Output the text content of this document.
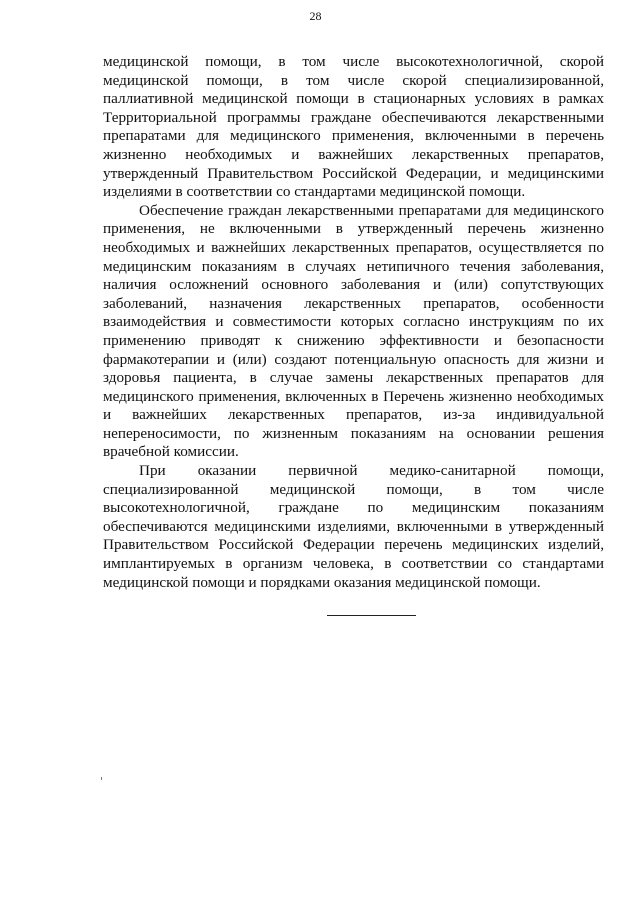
28

медицинской помощи, в том числе высокотехнологичной, скорой медицинской помощи, в том числе скорой специализированной, паллиативной медицинской помощи в стационарных условиях в рамках Территориальной программы граждане обеспечиваются лекарственными препаратами для медицинского применения, включенными в перечень жизненно необходимых и важнейших лекарственных препаратов, утвержденный Правительством Российской Федерации, и медицинскими изделиями в соответствии со стандартами медицинской помощи.

Обеспечение граждан лекарственными препаратами для медицинского применения, не включенными в утвержденный перечень жизненно необходимых и важнейших лекарственных препаратов, осуществляется по медицинским показаниям в случаях нетипичного течения заболевания, наличия осложнений основного заболевания и (или) сопутствующих заболеваний, назначения лекарственных препаратов, особенности взаимодействия и совместимости которых согласно инструкциям по их применению приводят к снижению эффективности и безопасности фармакотерапии и (или) создают потенциальную опасность для жизни и здоровья пациента, в случае замены лекарственных препаратов для медицинского применения, включенных в Перечень жизненно необходимых и важнейших лекарственных препаратов, из-за индивидуальной непереносимости, по жизненным показаниям на основании решения врачебной комиссии.

При оказании первичной медико-санитарной помощи, специализированной медицинской помощи, в том числе высокотехнологичной, граждане по медицинским показаниям обеспечиваются медицинскими изделиями, включенными в утвержденный Правительством Российской Федерации перечень медицинских изделий, имплантируемых в организм человека, в соответствии со стандартами медицинской помощи и порядками оказания медицинской помощи.
